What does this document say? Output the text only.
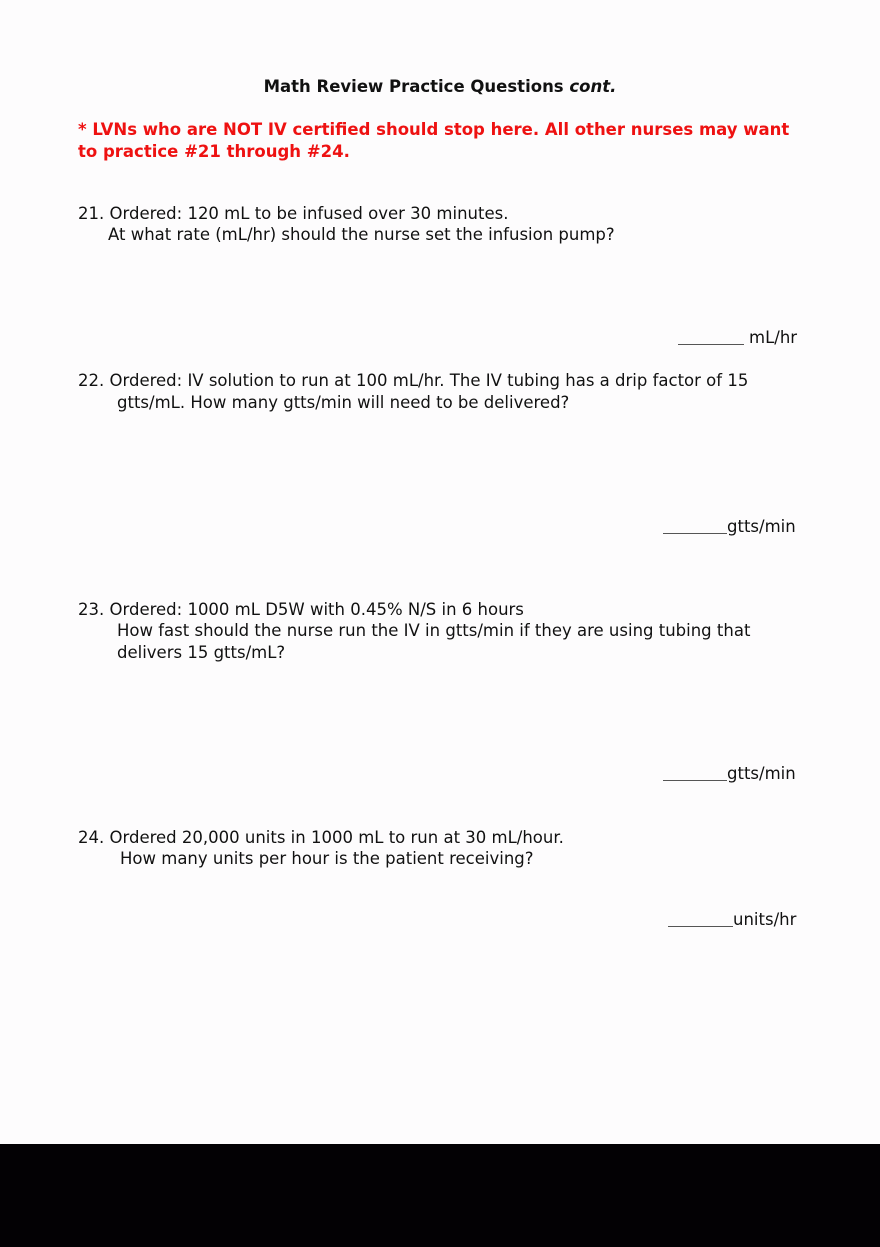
Math Review Practice Questions cont.
* LVNs who are NOT IV certified should stop here. All other nurses may want to practice #21 through #24.
21. Ordered: 120 mL to be infused over 30 minutes.
At what rate (mL/hr) should the nurse set the infusion pump?
mL/hr
22. Ordered: IV solution to run at 100 mL/hr. The IV tubing has a drip factor of 15
gtts/mL. How many gtts/min will need to be delivered?
gtts/min
23. Ordered: 1000 mL D5W with 0.45% N/S in 6 hours
How fast should the nurse run the IV in gtts/min if they are using tubing that
delivers 15 gtts/mL?
gtts/min
24. Ordered 20,000 units in 1000 mL to run at 30 mL/hour.
How many units per hour is the patient receiving?
units/hr
